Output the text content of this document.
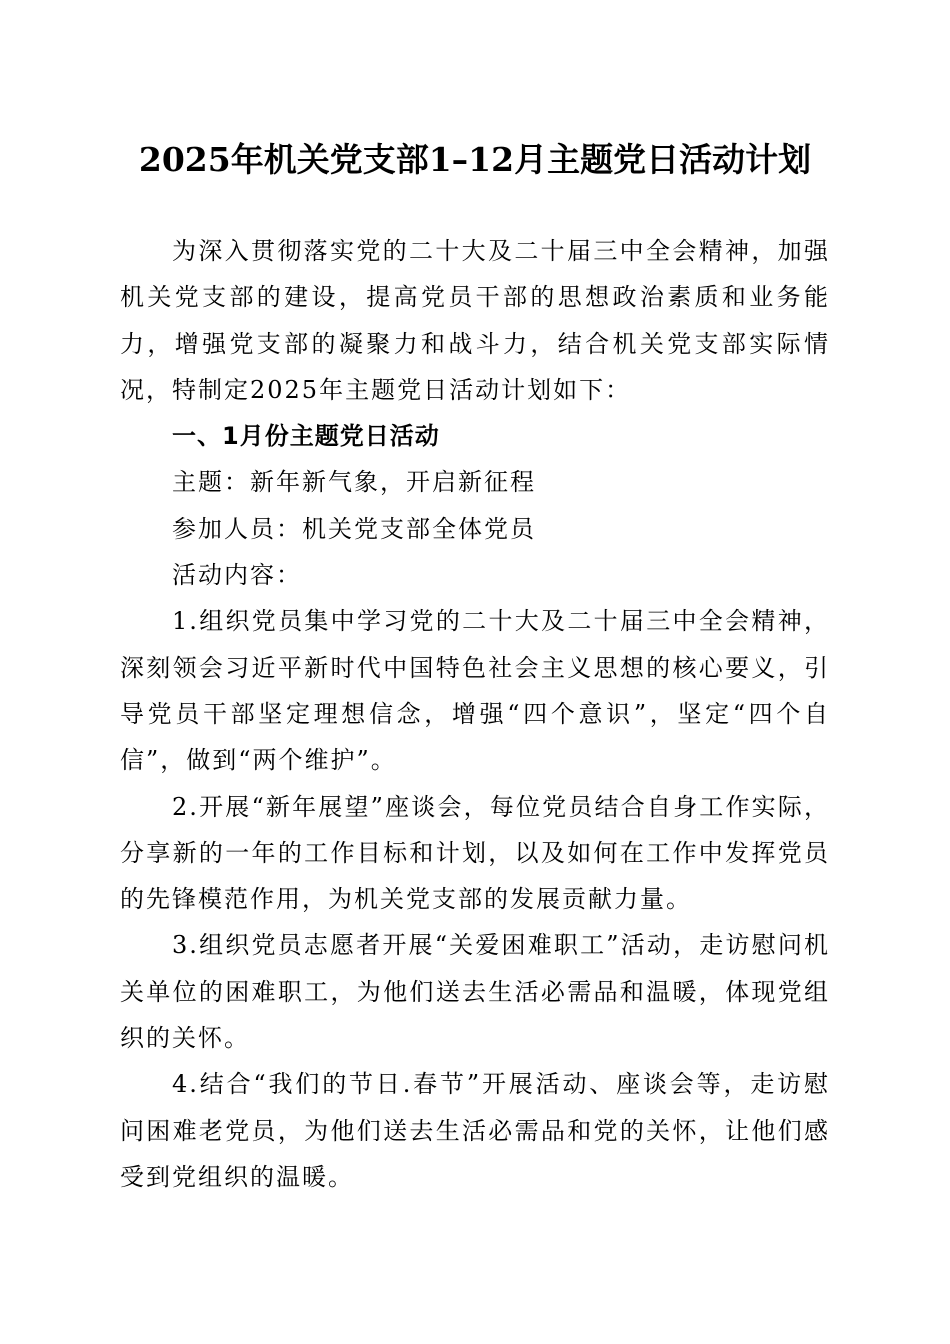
2025年机关党支部1–12月主题党日活动计划

为深入贯彻落实党的二十大及二十届三中全会精神，加强机关党支部的建设，提高党员干部的思想政治素质和业务能力，增强党支部的凝聚力和战斗力，结合机关党支部实际情况，特制定2025年主题党日活动计划如下：

一、1月份主题党日活动

主题：新年新气象，开启新征程

参加人员：机关党支部全体党员

活动内容：

1.组织党员集中学习党的二十大及二十届三中全会精神，深刻领会习近平新时代中国特色社会主义思想的核心要义，引导党员干部坚定理想信念，增强“四个意识”，坚定“四个自信”，做到“两个维护”。

2.开展“新年展望”座谈会，每位党员结合自身工作实际，分享新的一年的工作目标和计划，以及如何在工作中发挥党员的先锋模范作用，为机关党支部的发展贡献力量。

3.组织党员志愿者开展“关爱困难职工”活动，走访慰问机关单位的困难职工，为他们送去生活必需品和温暖，体现党组织的关怀。

4.结合“我们的节日.春节”开展活动、座谈会等，走访慰问困难老党员，为他们送去生活必需品和党的关怀，让他们感受到党组织的温暖。
